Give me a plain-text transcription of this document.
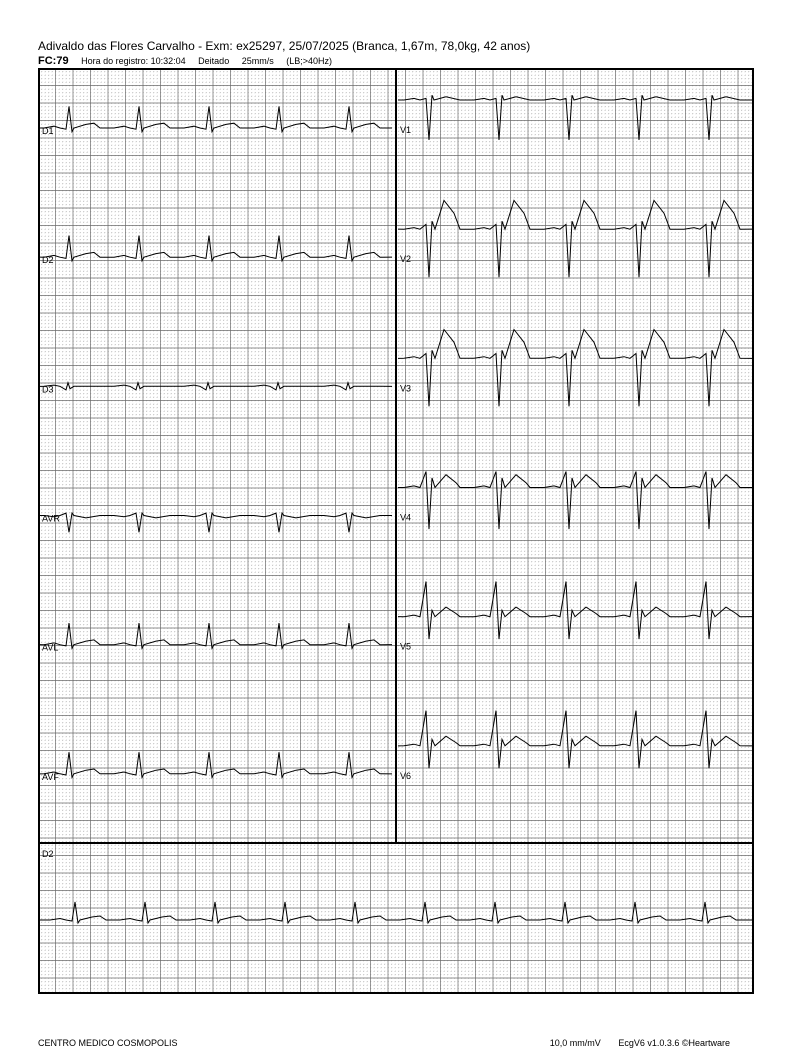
Adivaldo das Flores Carvalho - Exm: ex25297, 25/07/2025 (Branca, 1,67m, 78,0kg, 42 anos)
FC:79 Hora do registro: 10:32:04 Deitado 25mm/s (LB;>40Hz)
D1
D2
D3
AVR
AVL
AVF
V1
V2
V3
V4
V5
V6
D2
CENTRO MEDICO COSMOPOLIS	10,0 mm/mV EcgV6 v1.0.3.6 ©Heartware
